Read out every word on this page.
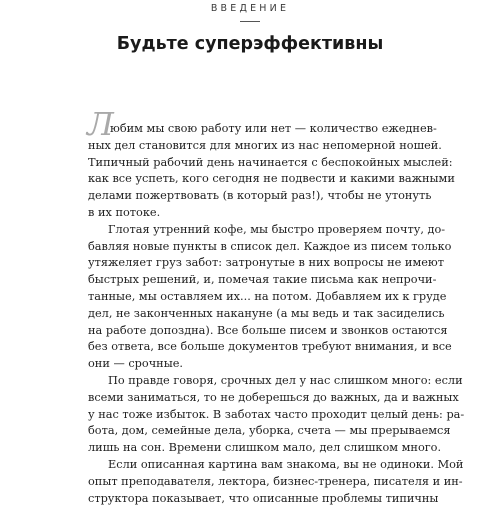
ВВЕДЕНИЕ
Будьте суперэффективны
Л
юбим мы свою работу или нет — количество ежеднев-
ных дел становится для многих из нас непомерной ношей.
Типичный рабочий день начинается с беспокойных мыслей:
как все успеть, кого сегодня не подвести и какими важными
делами пожертвовать (в который раз!), чтобы не утонуть
в их потоке.
Глотая утренний кофе, мы быстро проверяем почту, до-
бавляя новые пункты в список дел. Каждое из писем только
утяжеляет груз забот: затронутые в них вопросы не имеют
быстрых решений, и, помечая такие письма как непрочи-
танные, мы оставляем их... на потом. Добавляем их к груде
дел, не законченных накануне (а мы ведь и так засиделись
на работе допоздна). Все больше писем и звонков остаются
без ответа, все больше документов требуют внимания, и все
они — срочные.
По правде говоря, срочных дел у нас слишком много: если
всеми заниматься, то не доберешься до важных, да и важных
у нас тоже избыток. В заботах часто проходит целый день: ра-
бота, дом, семейные дела, уборка, счета — мы прерываемся
лишь на сон. Времени слишком мало, дел слишком много.
Если описанная картина вам знакома, вы не одиноки. Мой
опыт преподавателя, лектора, бизнес-тренера, писателя и ин-
структора показывает, что описанные проблемы типичны
